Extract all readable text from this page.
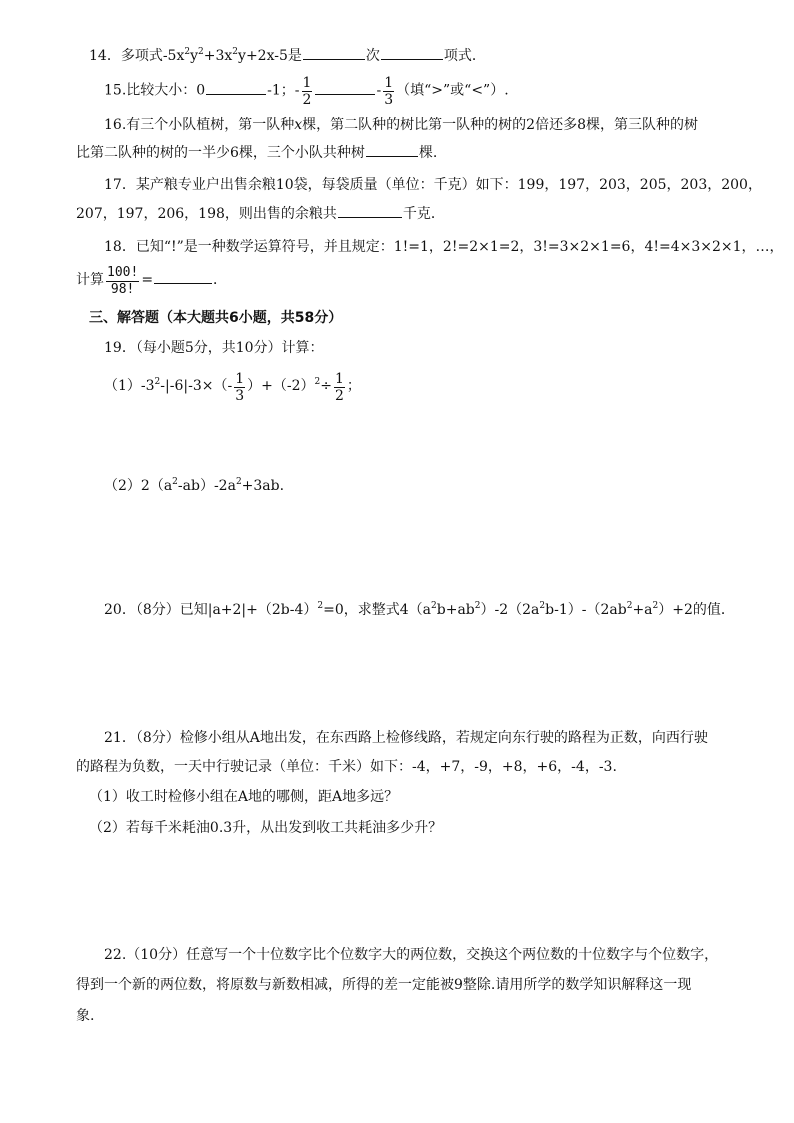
14．多项式$-5x^2y^2+3x^2y+2x-5$是	次	项式．
15.比较大小：0	-1；- $\frac{1}{2}$	- $\frac{1}{3}$ （填“>”或“<”）.
16.有三个小队植树，第一队种x棵，第二队种的树比第一队种的树的2倍还多8棵，第三队种的树
比第二队种的树的一半少6棵，三个小队共种树	棵.
17．某产粮专业户出售余粮10袋，每袋质量（单位：千克）如下：199，197，203，205，203，200，
207，197，206，198，则出售的余粮共	千克．
18．已知“!”是一种数学运算符号，并且规定：1!=1，2!=2×1=2，3!=3×2×1=6，4!=4×3×2×1，…，
计算 $\frac{100!}{98!}$ =	．
三、解答题（本大题共6小题，共58分）
19．（每小题5分，共10分）计算：
$(1)-3^2-|-6|-3\times(- \frac{1}{3} )+(-2)^2\div \frac{1}{2}$ ；
$(2)2(a^2-ab)-2a^2+3ab$.
20．（8分）已知$|a+2|+(2b-4)^2=0$，求整式$4(a^2b+ab^2)-2(2a^2b-1)-(2ab^2+a^2)+2$的值．
21．（8分）检修小组从A地出发，在东西路上检修线路，若规定向东行驶的路程为正数，向西行驶
的路程为负数，一天中行驶记录（单位：千米）如下：-4，+7，-9，+8，+6，-4，-3.
（1）收工时检修小组在A地的哪侧，距A地多远？
（2）若每千米耗油0.3升，从出发到收工共耗油多少升？
22.（10分）任意写一个十位数字比个位数字大的两位数，交换这个两位数的十位数字与个位数字，
得到一个新的两位数，将原数与新数相减，所得的差一定能被9整除.请用所学的数学知识解释这一现
象.
